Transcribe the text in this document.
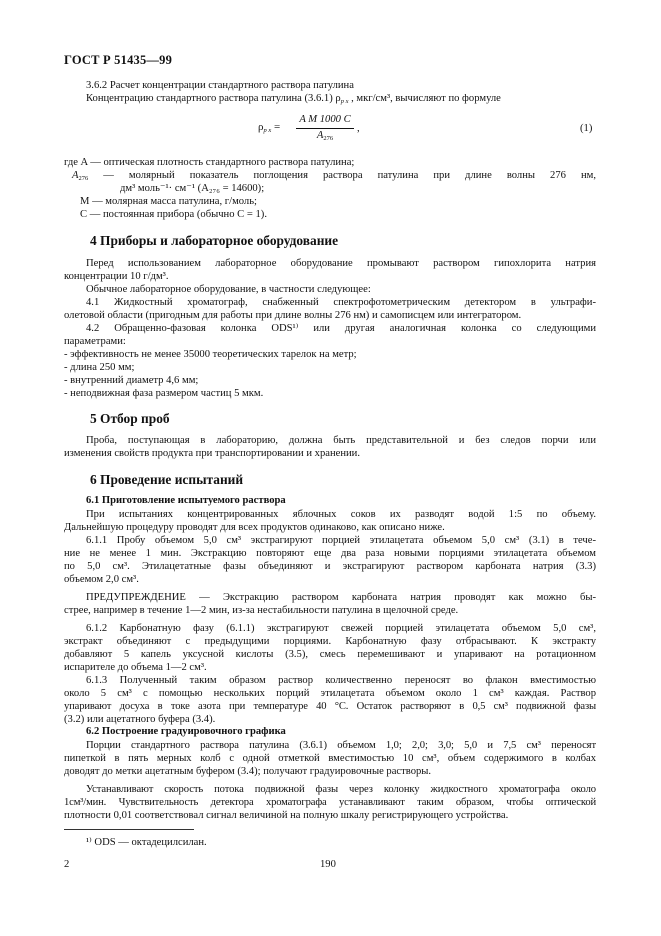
ГОСТ Р 51435—99
3.6.2 Расчет концентрации стандартного раствора патулина
Концентрацию стандартного раствора патулина (3.6.1) $\rho_{p x}$ , мкг/см³, вычисляют по формуле
$\rho_{p x}$ =
A M 1000 C
$A_{276}$
,	(1)
где A — оптическая плотность стандартного раствора патулина;
$A_{276}$ — молярный показатель поглощения раствора патулина при длине волны 276 нм,
дм³ моль⁻¹· см⁻¹ (A₂₇₆ = 14600);
M — молярная масса патулина, г/моль;
C — постоянная прибора (обычно C = 1).
4 Приборы и лабораторное оборудование
Перед использованием лабораторное оборудование промывают раствором гипохлорита натрия
концентрации 10 г/дм³.
Обычное лабораторное оборудование, в частности следующее:
4.1 Жидкостный хроматограф, снабженный спектрофотометрическим детектором в ультрафи-
олетовой области (пригодным для работы при длине волны 276 нм) и самописцем или интегратором.
4.2 Обращенно-фазовая колонка ODS¹⁾ или другая аналогичная колонка со следующими
параметрами:
- эффективность не менее 35000 теоретических тарелок на метр;
- длина 250 мм;
- внутренний диаметр 4,6 мм;
- неподвижная фаза размером частиц 5 мкм.
5 Отбор проб
Проба, поступающая в лабораторию, должна быть представительной и без следов порчи или
изменения свойств продукта при транспортировании и хранении.
6 Проведение испытаний
6.1 Приготовление испытуемого раствора
При испытаниях концентрированных яблочных соков их разводят водой 1:5 по объему.
Дальнейшую процедуру проводят для всех продуктов одинаково, как описано ниже.
6.1.1 Пробу объемом 5,0 см³ экстрагируют порцией этилацетата объемом 5,0 см³ (3.1) в тече-
ние не менее 1 мин. Экстракцию повторяют еще два раза новыми порциями этилацетата объемом
по 5,0 см³. Этилацетатные фазы объединяют и экстрагируют раствором карбоната натрия (3.3)
объемом 2,0 см³.
ПРЕДУПРЕЖДЕНИЕ — Экстракцию раствором карбоната натрия проводят как можно бы-
стрее, например в течение 1—2 мин, из-за нестабильности патулина в щелочной среде.
6.1.2 Карбонатную фазу (6.1.1) экстрагируют свежей порцией этилацетата объемом 5,0 см³,
экстракт объединяют с предыдущими порциями. Карбонатную фазу отбрасывают. К экстракту
добавляют 5 капель уксусной кислоты (3.5), смесь перемешивают и упаривают на ротационном
испарителе до объема 1—2 см³.
6.1.3 Полученный таким образом раствор количественно переносят во флакон вместимостью
около 5 см³ с помощью нескольких порций этилацетата объемом около 1 см³ каждая. Раствор
упаривают досуха в токе азота при температуре 40 °С. Остаток растворяют в 0,5 см³ подвижной фазы
(3.2) или ацетатного буфера (3.4).
6.2 Построение градуировочного графика
Порции стандартного раствора патулина (3.6.1) объемом 1,0; 2,0; 3,0; 5,0 и 7,5 см³ переносят
пипеткой в пять мерных колб с одной отметкой вместимостью 10 см³, объем содержимого в колбах
доводят до метки ацетатным буфером (3.4); получают градуировочные растворы.
Устанавливают скорость потока подвижной фазы через колонку жидкостного хроматографа около
1см³/мин. Чувствительность детектора хроматографа устанавливают таким образом, чтобы оптической
плотности 0,01 соответствовал сигнал величиной на полную шкалу регистрирующего устройства.
¹⁾ ODS — октадецилсилан.
2	190
